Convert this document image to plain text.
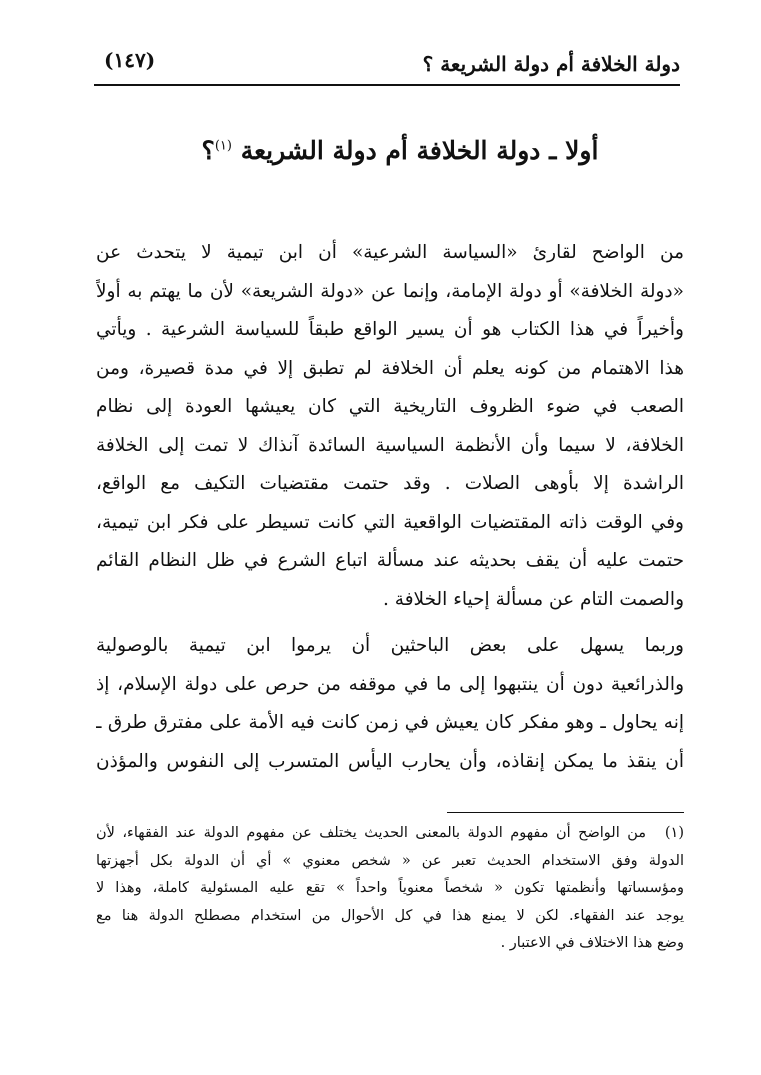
دولة الخلافة أم دولة الشريعة ؟
(١٤٧)
أولا ـ دولة الخلافة أم دولة الشريعة $^{(١)}$؟
من الواضح لقارئ «السياسة الشرعية» أن ابن تيمية لا يتحدث عن
«دولة الخلافة» أو دولة الإمامة، وإنما عن «دولة الشريعة» لأن ما يهتم به أولاً
وأخيراً في هذا الكتاب هو أن يسير الواقع طبقاً للسياسة الشرعية . ويأتي
هذا الاهتمام من كونه يعلم أن الخلافة لم تطبق إلا في مدة قصيرة، ومن
الصعب في ضوء الظروف التاريخية التي كان يعيشها العودة إلى نظام
الخلافة، لا سيما وأن الأنظمة السياسية السائدة آنذاك لا تمت إلى الخلافة
الراشدة إلا بأوهى الصلات . وقد حتمت مقتضيات التكيف مع الواقع،
وفي الوقت ذاته المقتضيات الواقعية التي كانت تسيطر على فكر ابن تيمية،
حتمت عليه أن يقف بحديثه عند مسألة اتباع الشرع في ظل النظام القائم
والصمت التام عن مسألة إحياء الخلافة .
وربما يسهل على بعض الباحثين أن يرموا ابن تيمية بالوصولية
والذرائعية دون أن ينتبهوا إلى ما في موقفه من حرص على دولة الإسلام، إذ
إنه يحاول ـ وهو مفكر كان يعيش في زمن كانت فيه الأمة على مفترق طرق ـ
أن ينقذ ما يمكن إنقاذه، وأن يحارب اليأس المتسرب إلى النفوس والمؤذن
(١)
من الواضح أن مفهوم الدولة بالمعنى الحديث يختلف عن مفهوم الدولة عند الفقهاء، لأن
الدولة وفق الاستخدام الحديث تعبر عن « شخص معنوي » أي أن الدولة بكل أجهزتها
ومؤسساتها وأنظمتها تكون « شخصاً معنوياً واحداً » تقع عليه المسئولية كاملة، وهذا لا
يوجد عند الفقهاء. لكن لا يمنع هذا في كل الأحوال من استخدام مصطلح الدولة هنا مع
وضع هذا الاختلاف في الاعتبار .
